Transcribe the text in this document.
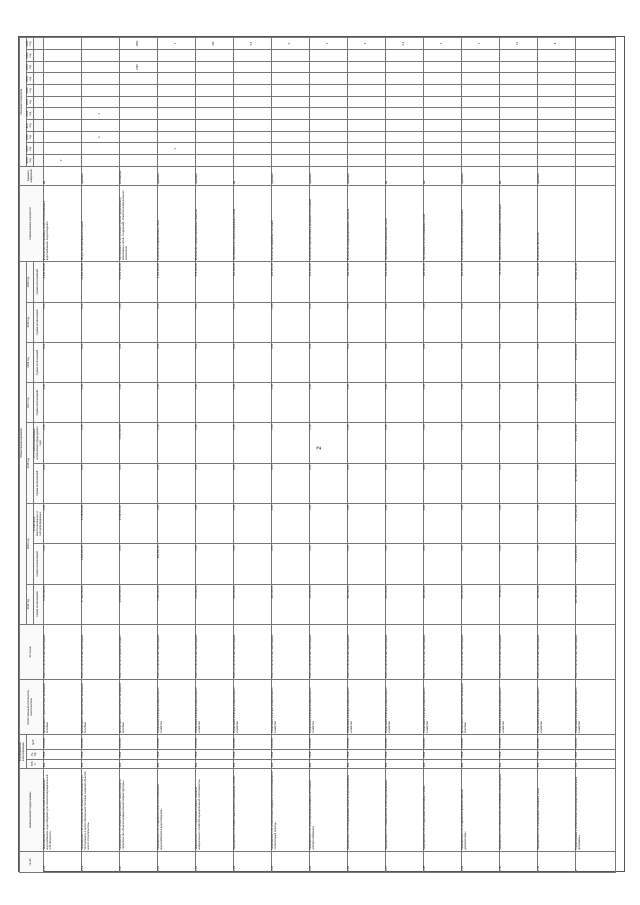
2
№ п/п	Наименование подпрограммы	Код бюджетной классификации			Ответственный исполнитель, соисполнитель	Источник	Объем финансирования									Наименование показателя	Единица измерения	Значение показателя										
		ГРБС	Рз Пр	ЦСР			2014 год	2015 год		2016 год		2017 год	2018 год	2019 год	2020 год			2014 год	2015 год	2016 год	2017 год	2018 год	2019 год	2020 год	2021 год	2022 год	2023 год	2024 год
							Сумма ассигнований	Сумма ассигнований	в том числе неиспользованных и неподтвержденных	Сумма ассигнований	в т.ч. неиспользованные ассигнования предыдущего года	Сумма ассигнований	Сумма ассигнований	Сумма ассигнований	Сумма ассигнований													
1.18	Мероприятие 1.18 «Строительство сетей теплоснабжения, водоснабжения, водоотведения для объектов муниципальной собственности»	802	0502	1010400	Департамент строительства и жилищной политики	Всего, в том числе местный бюджет	2 250 000,00	0,00	0,00	0,00	0,00	0,00	0,00	0,00	2 250 000,00	Количество построенных сетей теплоснабжения, водоснабжения, водоотведения	км	0										
1.19	Мероприятие 1.19 «Строительство объекта «Котельная на ул. Молодежная» в целях обеспечения тепловой энергией объектов нового строительства»	802	0502	1010400	Департамент строительства и жилищной политики	Всего, в том числе местный бюджет	17 422 000,00	1 000 000,00	3 798 000,00	0,00	0,00	0,00	0,00	0,00	12 624 000,00	Ввод в эксплуатацию котельной	единица			0		1						
1.20	Мероприятие 1.20 «Капитальный ремонт, реконструкция и строительство объектов коммунальной инфраструктуры»	802	0502	1010400	Департамент строительства и жилищной политики	Всего, в том числе краевой бюджет	24 000 000,00	0,00	3 798 000,00	0,00	1 000 000,00	0,00	0,00	0,00	19 202 000,00	Протяженность построенных (реконструированных) инженерных сетей, сооружений, объектов коммунального назначения	километры									2360		1962
1.21	Мероприятие 1.21 «Разработка схем теплоснабжения, водоснабжения и водоотведения»	802	0502	1010400	Управление жилищно-коммунального хозяйства	Всего, в том числе местный бюджет	1 300 000,00	300 000,00	0,00	0,00	0,00	0,00	0,00	0,00	1 000 000,00	Количество разработанных схем	единица		1									1
1.22	Мероприятие 1.22 «Содержание и ремонт объектов коммунального хозяйства муниципальной собственности»	802	0502	1010400	Управление жилищно-коммунального хозяйства	Всего, в том числе местный бюджет	278 000,00	0,00	0,00	0,00	0,00	0,00	0,00	0,00	278 000,00	Количество отремонтированных объектов	единица											160
1.23	Мероприятие 1.23 «Капитальный ремонт инженерных сетей»	802	0502	1010400	Управление жилищно-коммунального хозяйства	Всего, в том числе местный бюджет	500 000,00	0,00	0,00	0,00	0,00	0,00	0,00	0,00	500 000,00	Протяженность отремонтированных сетей	км											0,5
1.24	Мероприятие 1.24 «Обеспечение надежности теплоснабжения в отопительный период»	802	0502	1010400	Управление жилищно-коммунального хозяйства	Всего, в том числе местный бюджет	400 000,00	0,00	0,00	0,00	0,00	0,00	0,00	0,00	400 000,00	Количество аварийных ситуаций	единица											0
1.25	Мероприятие 1.25 «Приобретение резервных источников электроснабжения»	802	0502	1010400	Управление жилищно-коммунального хозяйства	Всего, в том числе местный бюджет	150 000,00	0,00	0,00	0,00	0,00	0,00	0,00	0,00	150 000,00	Количество приобретенных резервных источников	единица											2
1.26	Мероприятие 1.26 «Модернизация объектов водоснабжения»	802	0502	1010400	Управление жилищно-коммунального хозяйства	Всего, в том числе местный бюджет	320 000,00	0,00	0,00	0,00	0,00	0,00	0,00	0,00	320 000,00	Количество модернизированных объектов	единица											3
1.27	Мероприятие 1.27 «Замена ветхих сетей водоснабжения»	802	0502	1010400	Управление жилищно-коммунального хозяйства	Всего, в том числе местный бюджет	210 000,00	0,00	0,00	0,00	0,00	0,00	0,00	0,00	210 000,00	Протяженность замененных сетей	км											0,2
1.28	Мероприятие 1.28 «Содержание бесхозяйных сетей»	802	0502	1010400	Управление жилищно-коммунального хозяйства	Всего, в том числе местный бюджет	180 000,00	0,00	0,00	0,00	0,00	0,00	0,00	0,00	180 000,00	Протяженность обслуживаемых сетей	км											4
1.29	Мероприятие 1.29 «Разработка проектно-сметной документации»	802	0502	1010400	Департамент строительства и жилищной политики	Всего, в том числе местный бюджет	600 000,00	0,00	0,00	0,00	0,00	0,00	0,00	0,00	600 000,00	Количество разработанной документации	единица											1
1.30	Мероприятие 1.30 «Техническое обслуживание газопроводов»	802	0502	1010400	Управление жилищно-коммунального хозяйства	Всего, в том числе местный бюджет	95 000,00	0,00	0,00	0,00	0,00	0,00	0,00	0,00	95 000,00	Протяженность обслуживаемых газопроводов	км											12
1.31	Мероприятие 1.31 «Организация освещения улиц»	802	0503	1010400	Управление жилищно-коммунального хозяйства	Всего, в том числе местный бюджет	120 000,00	0,00	0,00	0,00	0,00	0,00	0,00	0,00	120 000,00	Количество светоточек	единица											8
2	Подпрограмма 2 «Обеспечение реализации муниципальной программы»	802	0505	1020000	Управление жилищно-коммунального хозяйства	Всего, в том числе местный бюджет	103 789 400,00	13 234 000,00	17 521 520,00	27 530 680,00	19 271 700,00	22 015 500,00	16 516 800,00	10 104 960,00	18 561 421,00													
